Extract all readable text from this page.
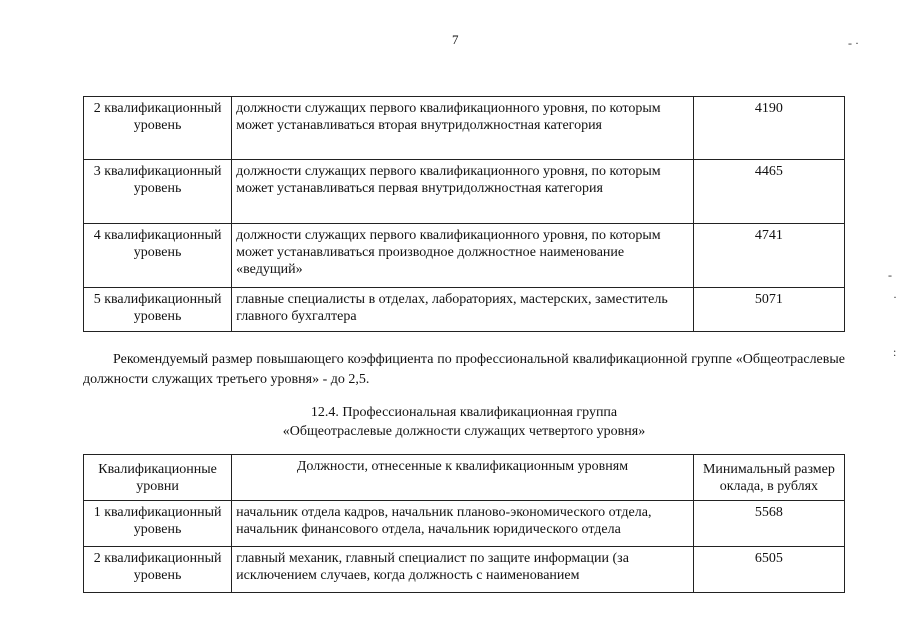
7	- ·
-
·
:
2 квалификационный уровень	должности служащих первого квалификационного уровня, по которым может устанавливаться вторая внутридолжностная категория	4190
3 квалификационный уровень	должности служащих первого квалификационного уровня, по которым может устанавливаться первая внутридолжностная категория	4465
4 квалификационный уровень	должности служащих первого квалификационного уровня, по которым может устанавливаться производное должностное наименование «ведущий»	4741
5 квалификационный уровень	главные специалисты в отделах, лабораториях, мастерских, заместитель главного бухгалтера	5071
Рекомендуемый размер повышающего коэффициента по профессиональной квалификационной группе «Общеотраслевые должности служащих третьего уровня» - до 2,5.
12.4. Профессиональная квалификационная группа
«Общеотраслевые должности служащих четвертого уровня»
Квалификационные уровни	Должности, отнесенные к квалификационным уровням	Минимальный размер оклада, в рублях
1 квалификационный уровень	начальник отдела кадров, начальник планово-экономического отдела, начальник финансового отдела, начальник юридического отдела	5568
2 квалификационный уровень	главный механик, главный специалист по защите информации (за исключением случаев, когда должность с наименованием	6505
